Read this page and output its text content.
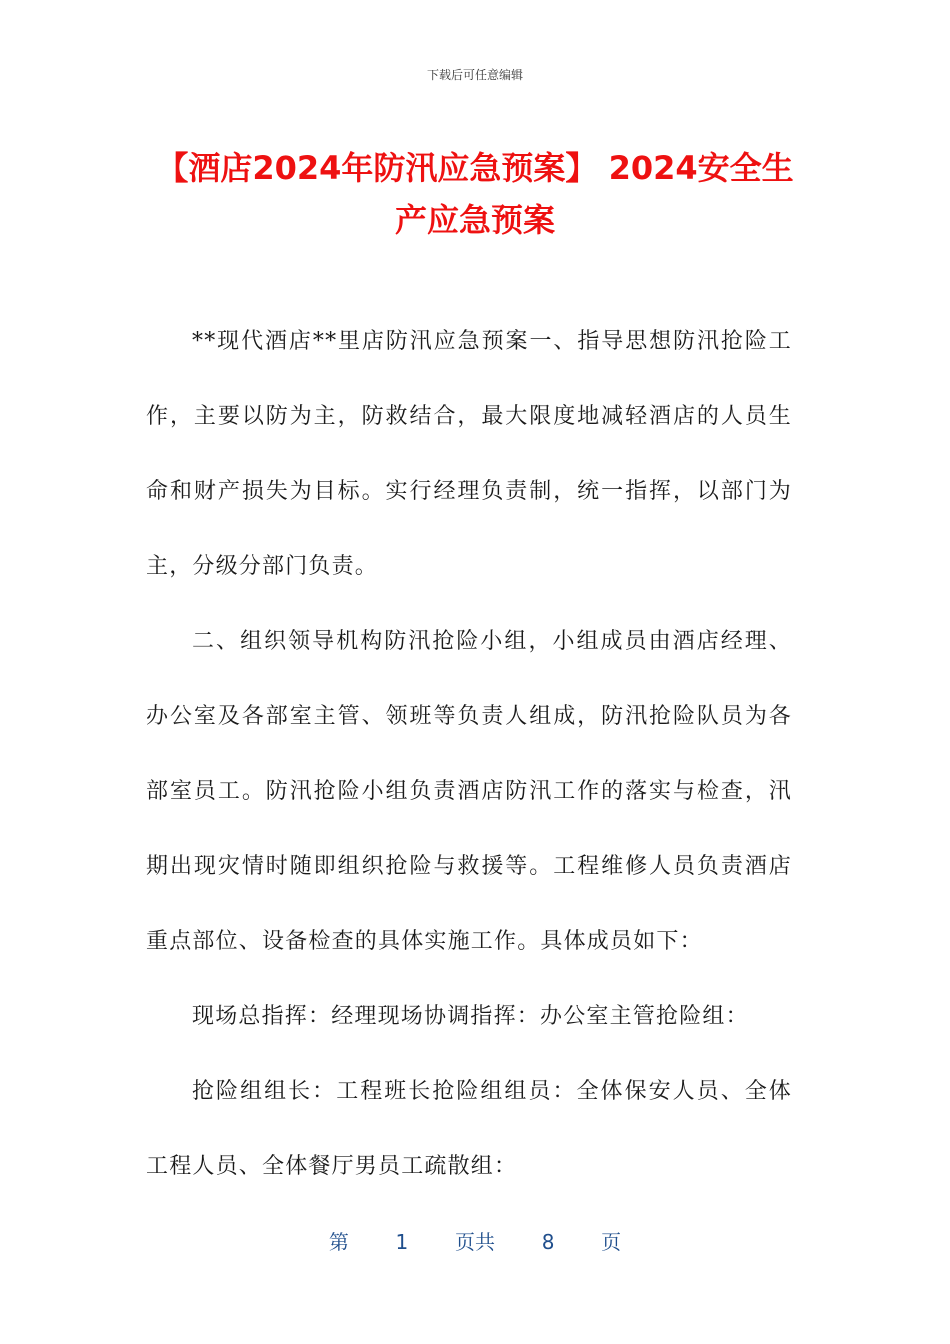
下载后可任意编辑
【酒店2024年防汛应急预案】 2024安全生产应急预案

**现代酒店**里店防汛应急预案一、指导思想防汛抢险工作，主要以防为主，防救结合，最大限度地减轻酒店的人员生命和财产损失为目标。实行经理负责制，统一指挥，以部门为主，分级分部门负责。

二、组织领导机构防汛抢险小组，小组成员由酒店经理、办公室及各部室主管、领班等负责人组成，防汛抢险队员为各部室员工。防汛抢险小组负责酒店防汛工作的落实与检查，汛期出现灾情时随即组织抢险与救援等。工程维修人员负责酒店重点部位、设备检查的具体实施工作。具体成员如下：

现场总指挥：经理现场协调指挥：办公室主管抢险组：

抢险组组长：工程班长抢险组组员：全体保安人员、全体工程人员、全体餐厅男员工疏散组：

第 1 页共 8 页
